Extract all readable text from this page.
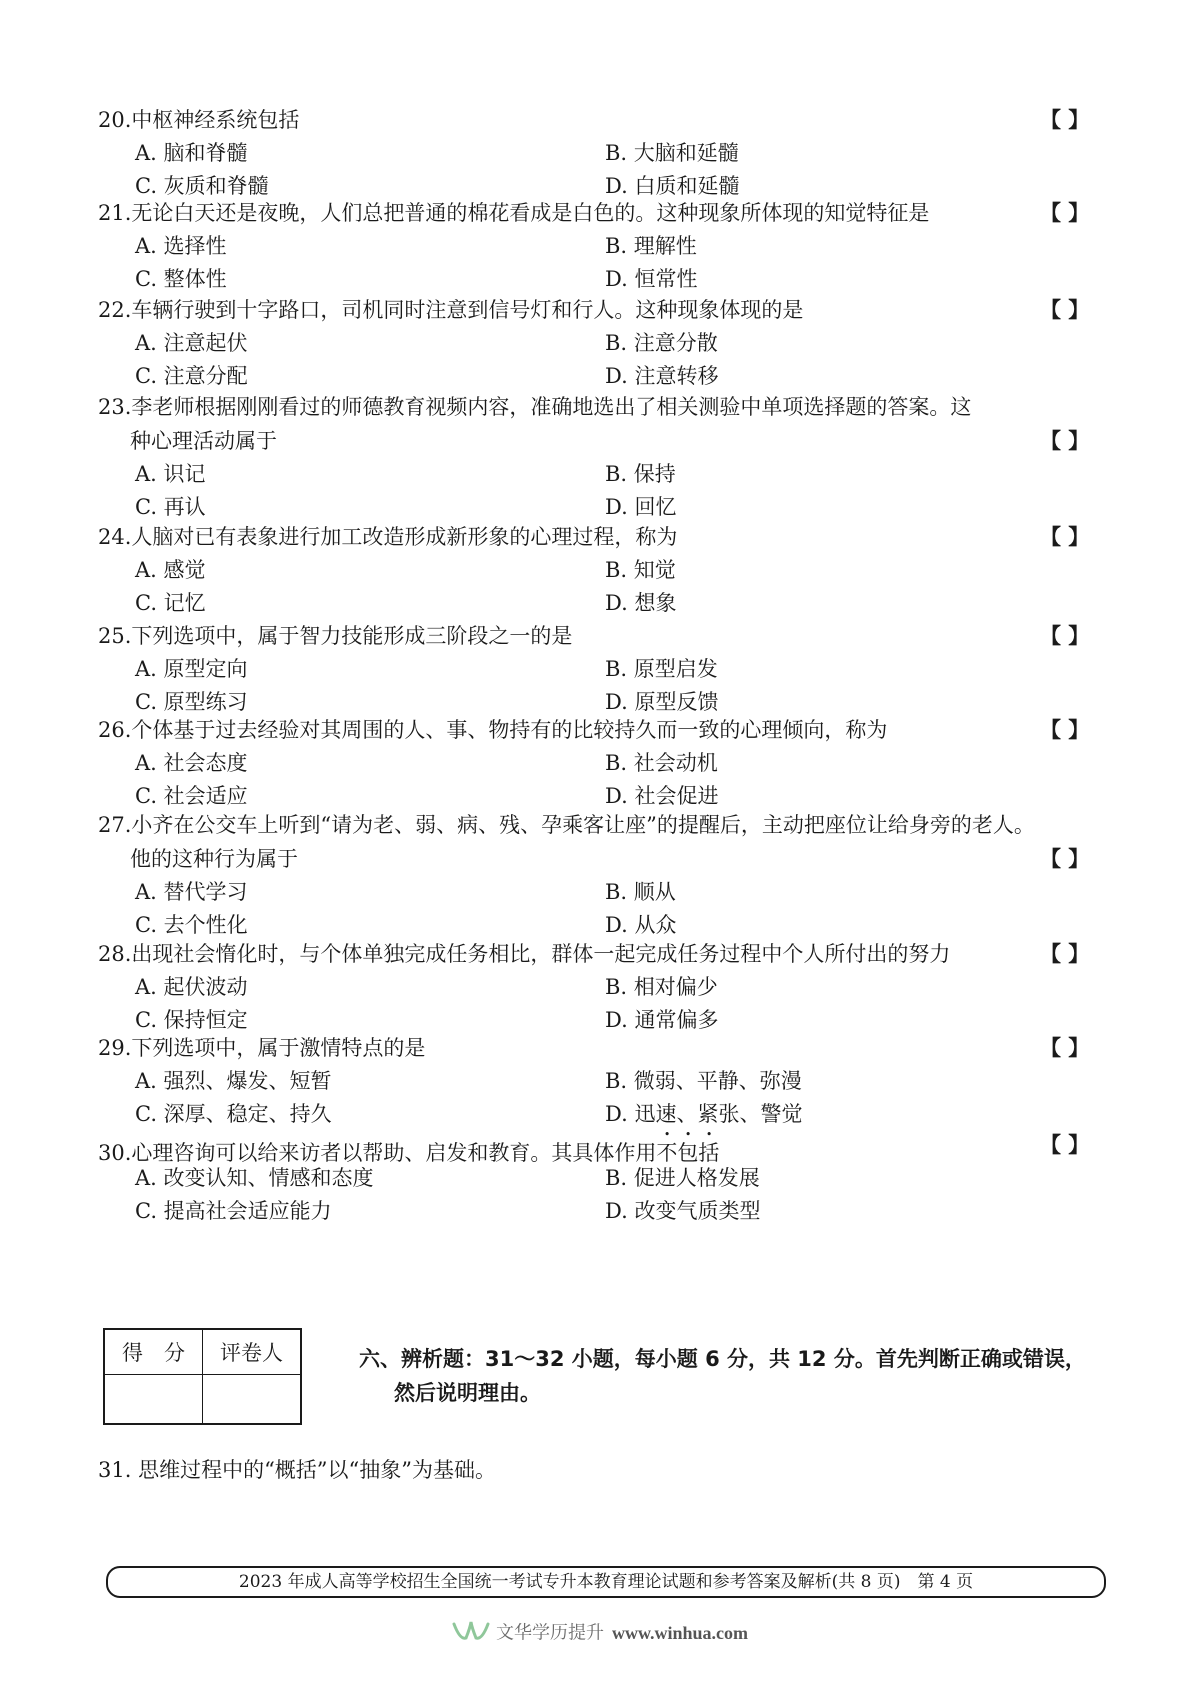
20.中枢神经系统包括	【 】
A. 脑和脊髓	B. 大脑和延髓
C. 灰质和脊髓	D. 白质和延髓
21.无论白天还是夜晚，人们总把普通的棉花看成是白色的。这种现象所体现的知觉特征是	【 】
A. 选择性	B. 理解性
C. 整体性	D. 恒常性
22.车辆行驶到十字路口，司机同时注意到信号灯和行人。这种现象体现的是	【 】
A. 注意起伏	B. 注意分散
C. 注意分配	D. 注意转移
23.李老师根据刚刚看过的师德教育视频内容，准确地选出了相关测验中单项选择题的答案。这
种心理活动属于	【 】
A. 识记	B. 保持
C. 再认	D. 回忆
24.人脑对已有表象进行加工改造形成新形象的心理过程，称为	【 】
A. 感觉	B. 知觉
C. 记忆	D. 想象
25.下列选项中，属于智力技能形成三阶段之一的是	【 】
A. 原型定向	B. 原型启发
C. 原型练习	D. 原型反馈
26.个体基于过去经验对其周围的人、事、物持有的比较持久而一致的心理倾向，称为	【 】
A. 社会态度	B. 社会动机
C. 社会适应	D. 社会促进
27.小齐在公交车上听到“请为老、弱、病、残、孕乘客让座”的提醒后，主动把座位让给身旁的老人。
他的这种行为属于	【 】
A. 替代学习	B. 顺从
C. 去个性化	D. 从众
28.出现社会惰化时，与个体单独完成任务相比，群体一起完成任务过程中个人所付出的努力	【 】
A. 起伏波动	B. 相对偏少
C. 保持恒定	D. 通常偏多
29.下列选项中，属于激情特点的是	【 】
A. 强烈、爆发、短暂	B. 微弱、平静、弥漫
C. 深厚、稳定、持久	D. 迅速、紧张、警觉
30.心理咨询可以给来访者以帮助、启发和教育。其具体作用不包括	【 】
A. 改变认知、情感和态度	B. 促进人格发展
C. 提高社会适应能力	D. 改变气质类型
得　分	评卷人
		六、辨析题：31～32 小题，每小题 6 分，共 12 分。首先判断正确或错误，
然后说明理由。
31. 思维过程中的“概括”以“抽象”为基础。
2023 年成人高等学校招生全国统一考试专升本教育理论试题和参考答案及解析(共 8 页)　第 4 页
文华学历提升 www.winhua.com
